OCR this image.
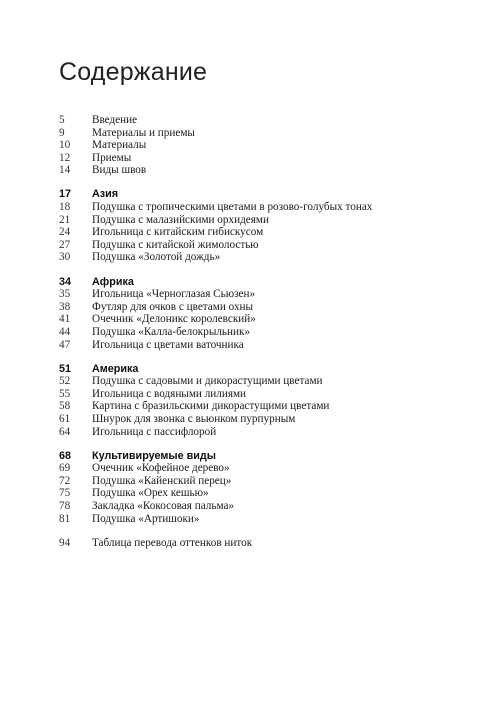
Содержание
5	Введение
9	Материалы и приемы
10	Материалы
12	Приемы
14	Виды швов
17	Азия
18	Подушка с тропическими цветами в розово-голубых тонах
21	Подушка с малазийскими орхидеями
24	Игольница с китайским гибискусом
27	Подушка с китайской жимолостью
30	Подушка «Золотой дождь»
34	Африка
35	Игольница «Черноглазая Сьюзен»
38	Футляр для очков с цветами охны
41	Очечник «Делоникс королевский»
44	Подушка «Калла-белокрыльник»
47	Игольница с цветами ваточника
51	Америка
52	Подушка с садовыми и дикорастущими цветами
55	Игольница с водяными лилиями
58	Картина с бразильскими дикорастущими цветами
61	Шнурок для звонка с вьюнком пурпурным
64	Игольница с пассифлорой
68	Культивируемые виды
69	Очечник «Кофейное дерево»
72	Подушка «Кайенский перец»
75	Подушка «Орех кешью»
78	Закладка «Кокосовая пальма»
81	Подушка «Артишоки»
94	Таблица перевода оттенков ниток
